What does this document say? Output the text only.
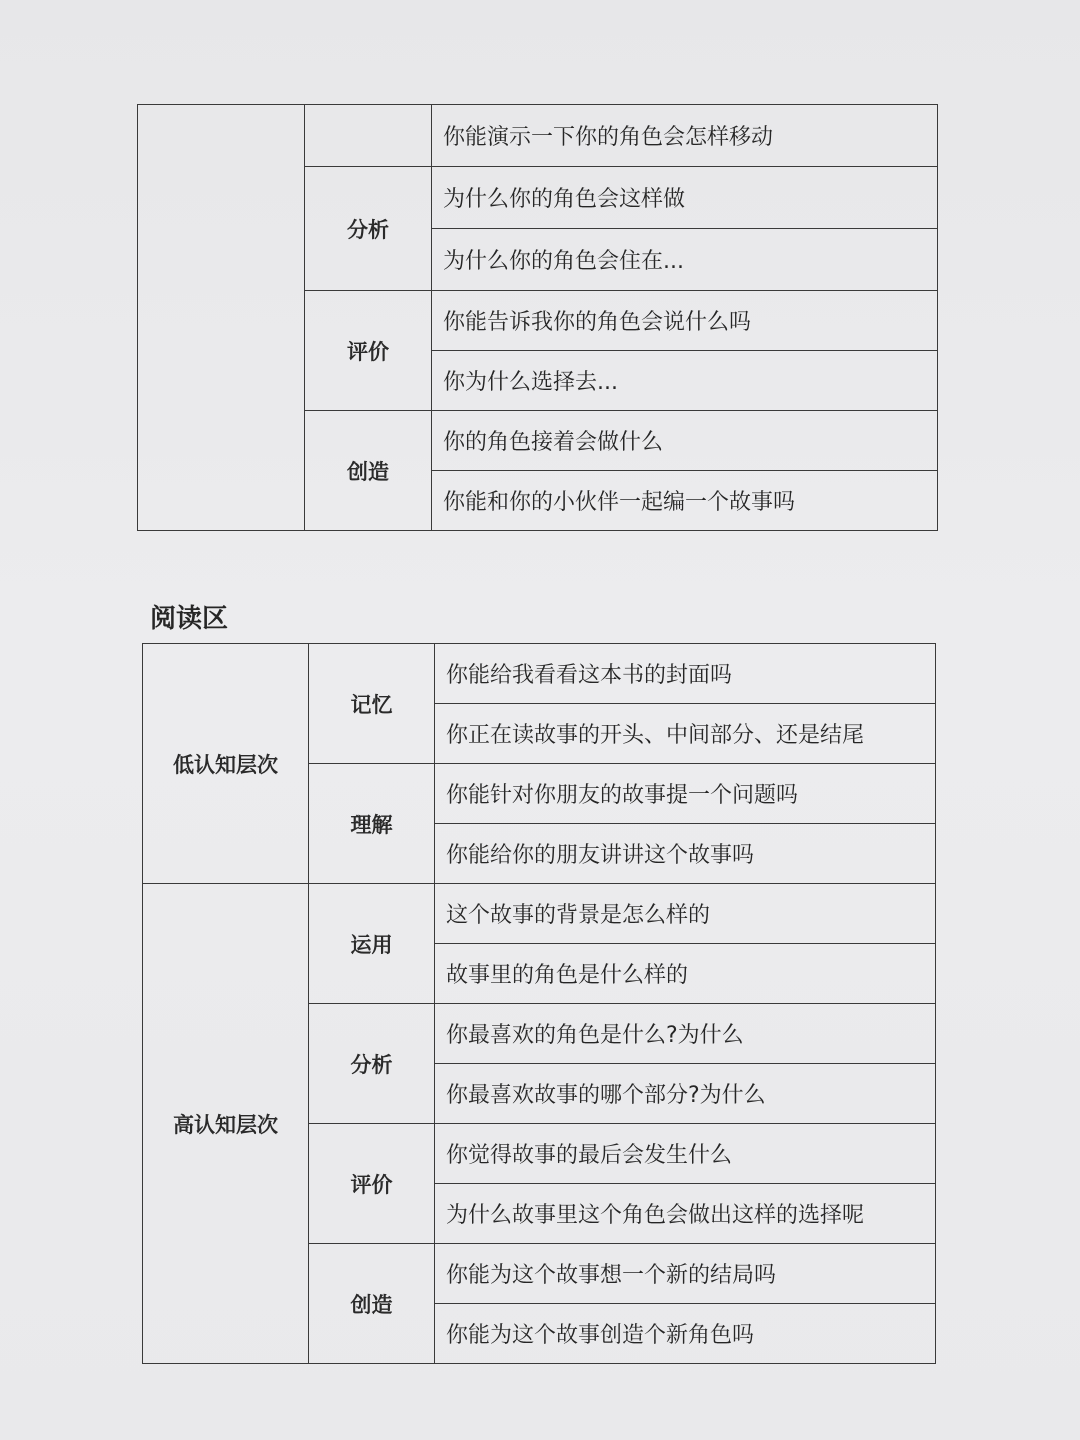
		你能演示一下你的角色会怎样移动
	分析	为什么你的角色会这样做
		为什么你的角色会住在...
	评价	你能告诉我你的角色会说什么吗
		你为什么选择去...
	创造	你的角色接着会做什么
		你能和你的小伙伴一起编一个故事吗
阅读区
低认知层次	记忆	你能给我看看这本书的封面吗
		你正在读故事的开头、中间部分、还是结尾
	理解	你能针对你朋友的故事提一个问题吗
		你能给你的朋友讲讲这个故事吗
高认知层次	运用	这个故事的背景是怎么样的
		故事里的角色是什么样的
	分析	你最喜欢的角色是什么?为什么
		你最喜欢故事的哪个部分?为什么
	评价	你觉得故事的最后会发生什么
		为什么故事里这个角色会做出这样的选择呢
	创造	你能为这个故事想一个新的结局吗
		你能为这个故事创造个新角色吗
